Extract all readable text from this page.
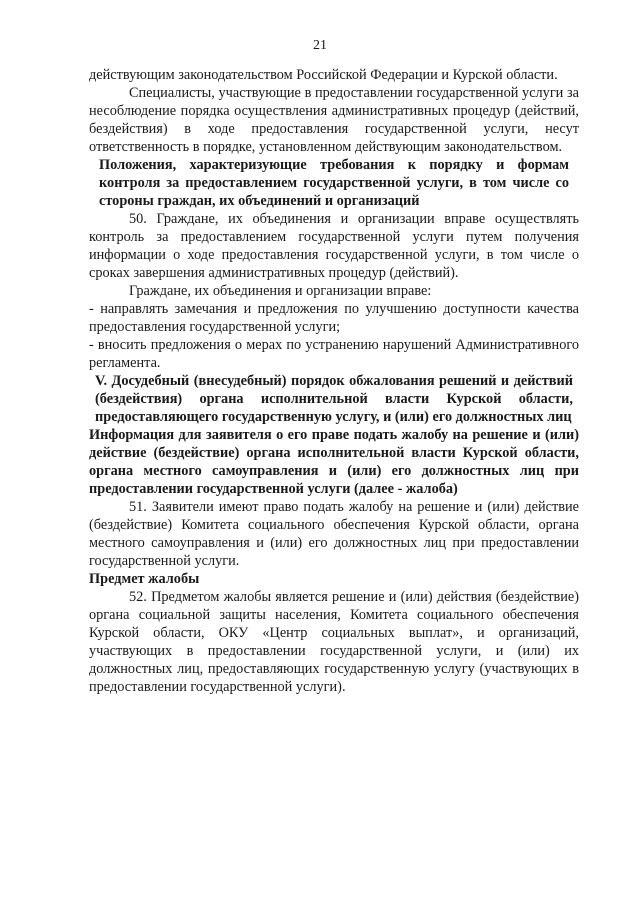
21

действующим законодательством Российской Федерации и Курской области.

Специалисты, участвующие в предоставлении государственной услуги за несоблюдение порядка осуществления административных процедур (действий, бездействия) в ходе предоставления государственной услуги, несут ответственность в порядке, установленном действующим законодательством.

Положения, характеризующие требования к порядку и формам контроля за предоставлением государственной услуги, в том числе со стороны граждан, их объединений и организаций

50. Граждане, их объединения и организации вправе осуществлять контроль за предоставлением государственной услуги путем получения информации о ходе предоставления государственной услуги, в том числе о сроках завершения административных процедур (действий).

Граждане, их объединения и организации вправе:

- направлять замечания и предложения по улучшению доступности качества предоставления государственной услуги;

- вносить предложения о мерах по устранению нарушений Административного регламента.

V. Досудебный (внесудебный) порядок обжалования решений и действий (бездействия) органа исполнительной власти Курской области, предоставляющего государственную услугу, и (или) его должностных лиц

Информация для заявителя о его праве подать жалобу на решение и (или) действие (бездействие) органа исполнительной власти Курской области, органа местного самоуправления и (или) его должностных лиц при предоставлении государственной услуги (далее - жалоба)

51. Заявители имеют право подать жалобу на решение и (или) действие (бездействие) Комитета социального обеспечения Курской области, органа местного самоуправления и (или) его должностных лиц при предоставлении государственной услуги.

Предмет жалобы

52. Предметом жалобы является решение и (или) действия (бездействие) органа социальной защиты населения, Комитета социального обеспечения Курской области, ОКУ «Центр социальных выплат», и организаций, участвующих в предоставлении государственной услуги, и (или) их должностных лиц, предоставляющих государственную услугу (участвующих в предоставлении государственной услуги).
